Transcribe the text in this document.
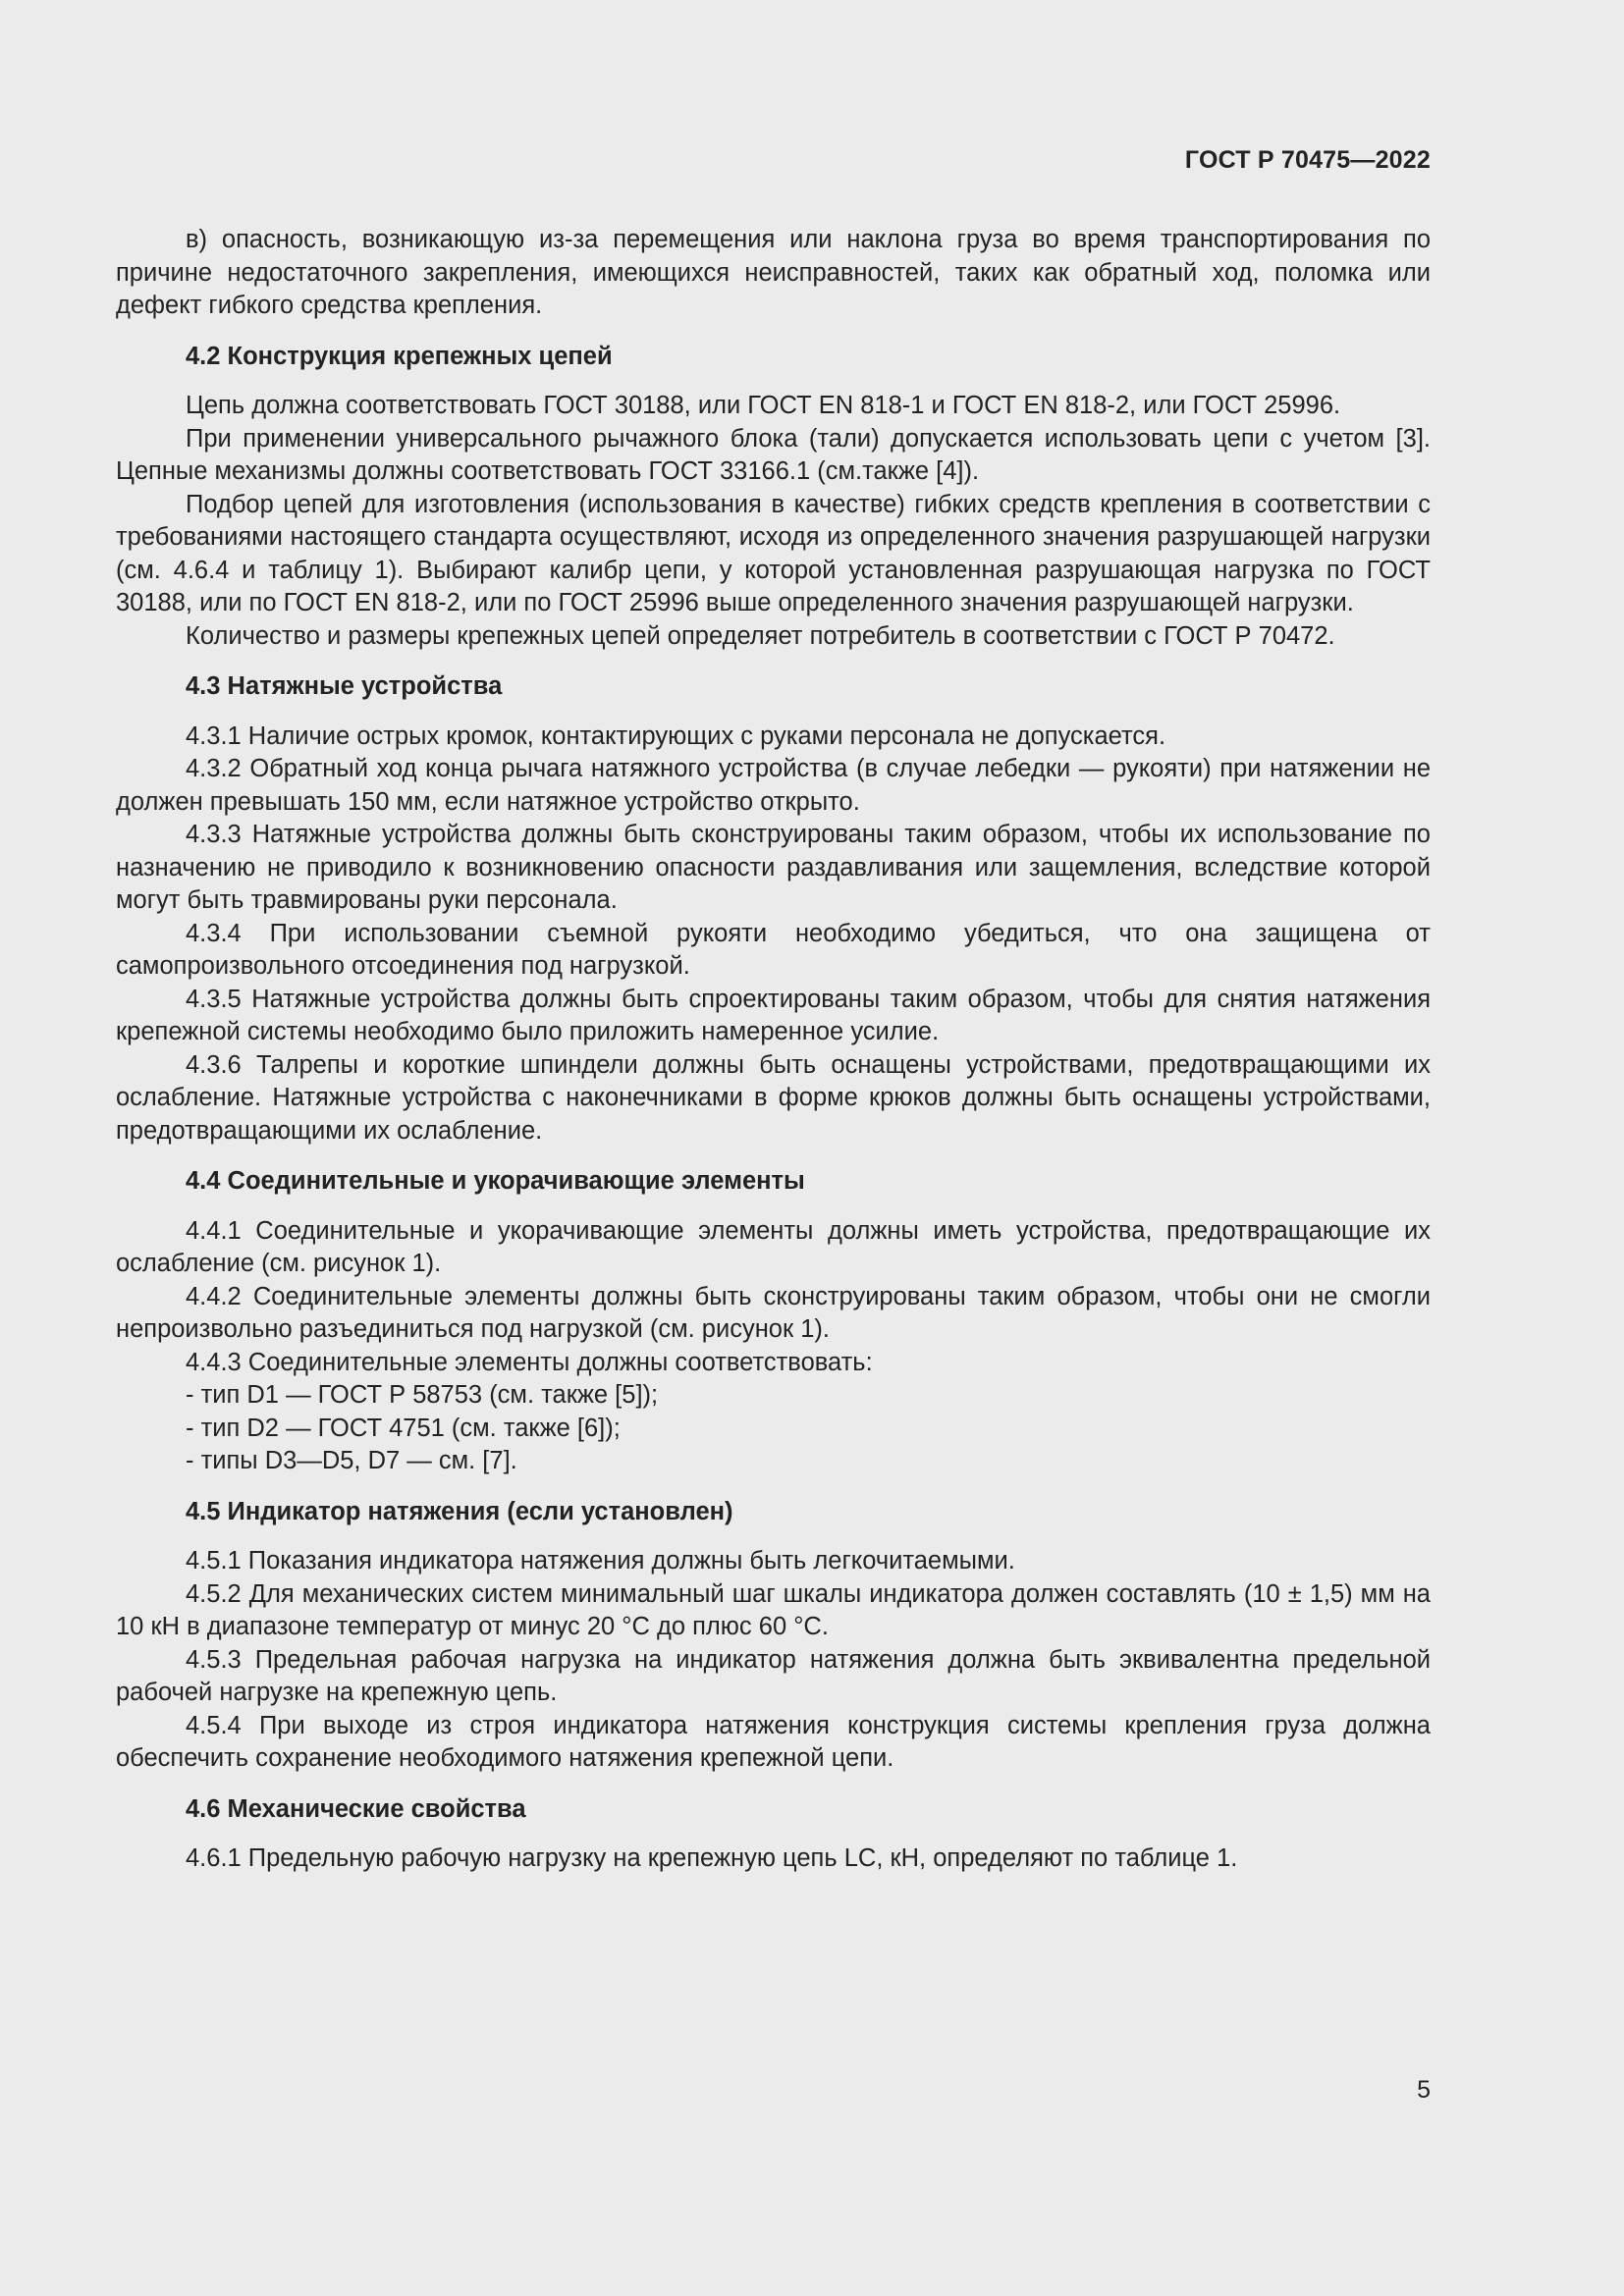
ГОСТ Р 70475—2022

в) опасность, возникающую из-за перемещения или наклона груза во время транспортирования по причине недостаточного закрепления, имеющихся неисправностей, таких как обратный ход, поломка или дефект гибкого средства крепления.

4.2 Конструкция крепежных цепей

Цепь должна соответствовать ГОСТ 30188, или ГОСТ EN 818-1 и ГОСТ EN 818-2, или ГОСТ 25996.

При применении универсального рычажного блока (тали) допускается использовать цепи с учетом [3]. Цепные механизмы должны соответствовать ГОСТ 33166.1 (см.также [4]).

Подбор цепей для изготовления (использования в качестве) гибких средств крепления в соответствии с требованиями настоящего стандарта осуществляют, исходя из определенного значения разрушающей нагрузки (см. 4.6.4 и таблицу 1). Выбирают калибр цепи, у которой установленная разрушающая нагрузка по ГОСТ 30188, или по ГОСТ EN 818-2, или по ГОСТ 25996 выше определенного значения разрушающей нагрузки.

Количество и размеры крепежных цепей определяет потребитель в соответствии с ГОСТ Р 70472.

4.3 Натяжные устройства

4.3.1 Наличие острых кромок, контактирующих с руками персонала не допускается.

4.3.2 Обратный ход конца рычага натяжного устройства (в случае лебедки — рукояти) при натяжении не должен превышать 150 мм, если натяжное устройство открыто.

4.3.3 Натяжные устройства должны быть сконструированы таким образом, чтобы их использование по назначению не приводило к возникновению опасности раздавливания или защемления, вследствие которой могут быть травмированы руки персонала.

4.3.4 При использовании съемной рукояти необходимо убедиться, что она защищена от самопроизвольного отсоединения под нагрузкой.

4.3.5 Натяжные устройства должны быть спроектированы таким образом, чтобы для снятия натяжения крепежной системы необходимо было приложить намеренное усилие.

4.3.6 Талрепы и короткие шпиндели должны быть оснащены устройствами, предотвращающими их ослабление. Натяжные устройства с наконечниками в форме крюков должны быть оснащены устройствами, предотвращающими их ослабление.

4.4 Соединительные и укорачивающие элементы

4.4.1 Соединительные и укорачивающие элементы должны иметь устройства, предотвращающие их ослабление (см. рисунок 1).

4.4.2 Соединительные элементы должны быть сконструированы таким образом, чтобы они не смогли непроизвольно разъединиться под нагрузкой (см. рисунок 1).

4.4.3 Соединительные элементы должны соответствовать:

- тип D1 — ГОСТ Р 58753 (см. также [5]);

- тип D2 — ГОСТ 4751 (см. также [6]);

- типы D3—D5, D7 — см. [7].

4.5 Индикатор натяжения (если установлен)

4.5.1 Показания индикатора натяжения должны быть легкочитаемыми.

4.5.2 Для механических систем минимальный шаг шкалы индикатора должен составлять (10 ± 1,5) мм на 10 кН в диапазоне температур от минус 20 °С до плюс 60 °С.

4.5.3 Предельная рабочая нагрузка на индикатор натяжения должна быть эквивалентна предельной рабочей нагрузке на крепежную цепь.

4.5.4 При выходе из строя индикатора натяжения конструкция системы крепления груза должна обеспечить сохранение необходимого натяжения крепежной цепи.

4.6 Механические свойства

4.6.1 Предельную рабочую нагрузку на крепежную цепь LC, кН, определяют по таблице 1.

5
